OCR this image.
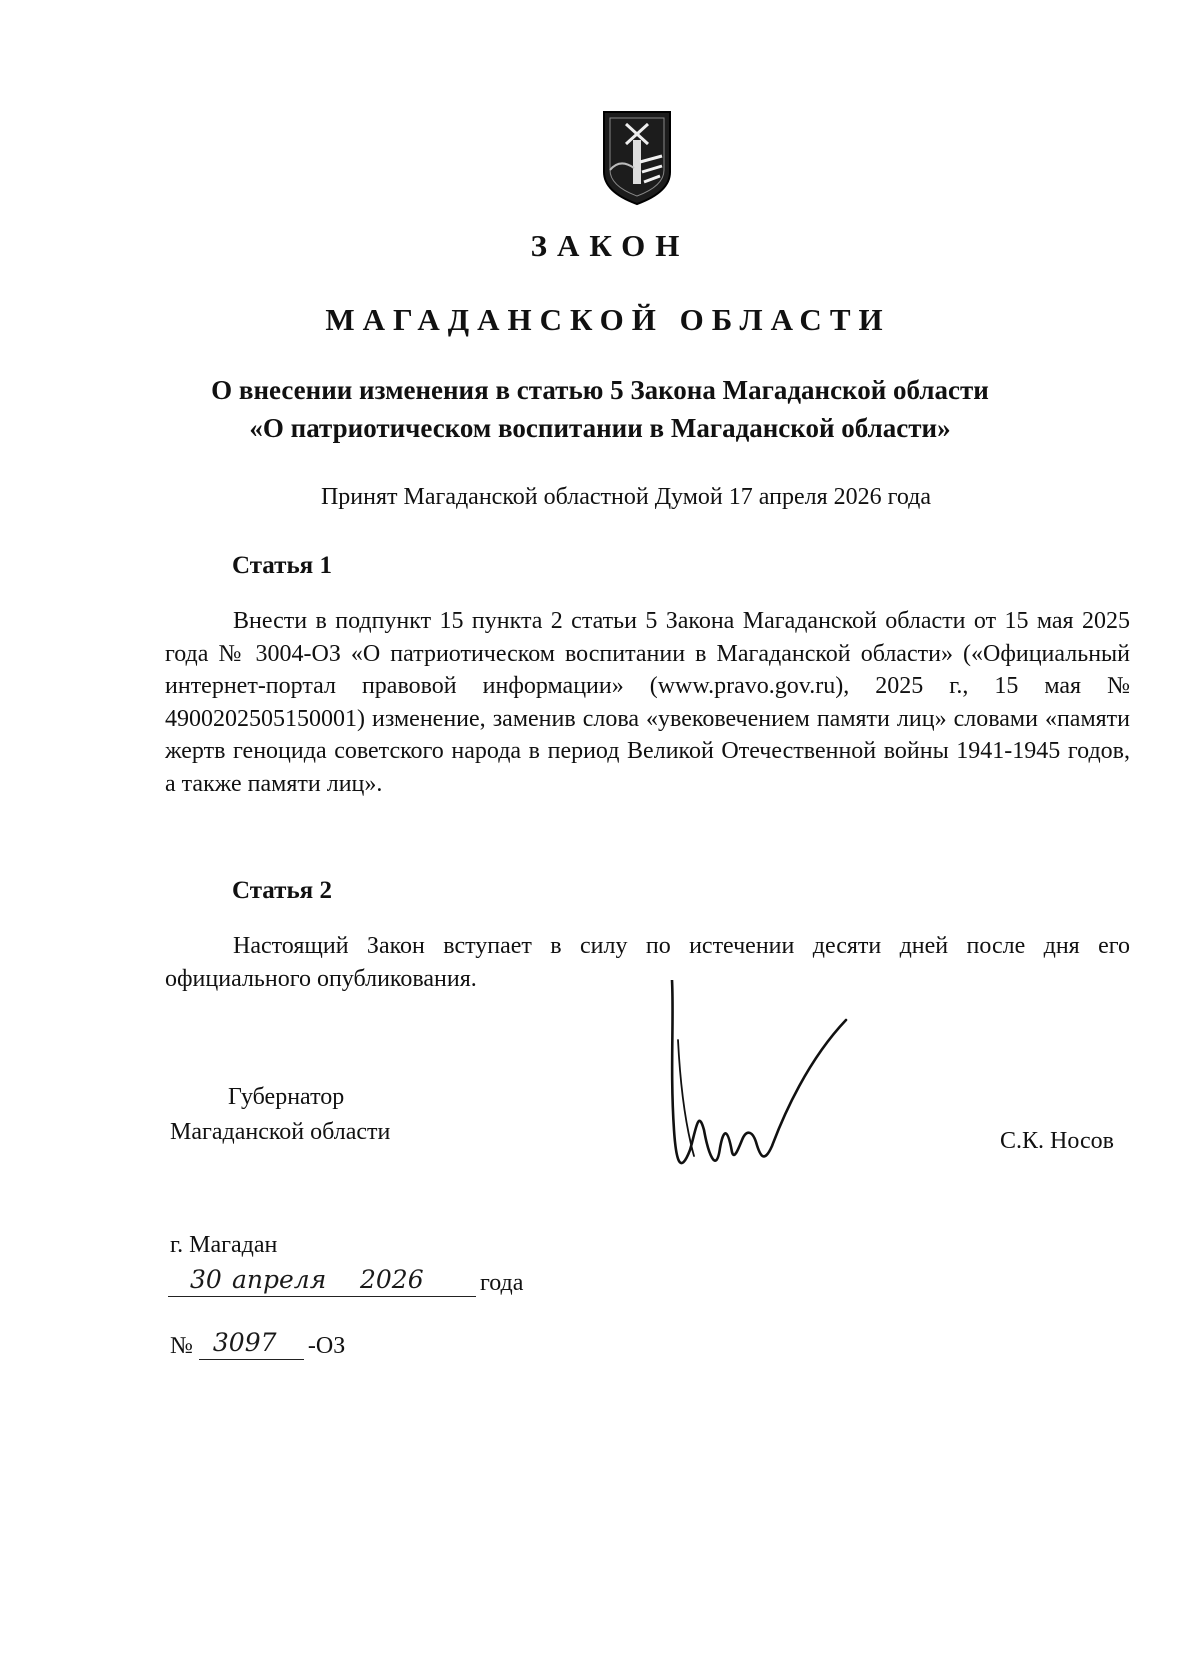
ЗАКОН
МАГАДАНСКОЙ ОБЛАСТИ
О внесении изменения в статью 5 Закона Магаданской области
«О патриотическом воспитании в Магаданской области»
Принят Магаданской областной Думой 17 апреля 2026 года
Статья 1
Внести в подпункт 15 пункта 2 статьи 5 Закона Магаданской области от 15 мая 2025 года № 3004-ОЗ «О патриотическом воспитании в Магаданской области» («Официальный интернет-портал правовой информации» (www.pravo.gov.ru), 2025 г., 15 мая № 4900202505150001) изменение, заменив слова «увековечением памяти лиц» словами «памяти жертв геноцида советского народа в период Великой Отечественной войны 1941-1945 годов, а также памяти лиц».
Статья 2
Настоящий Закон вступает в силу по истечении десяти дней после дня его официального опубликования.
Губернатор
Магаданской области	С.К. Носов
г. Магадан
30 апреля 2026 года
№ 3097 -ОЗ
